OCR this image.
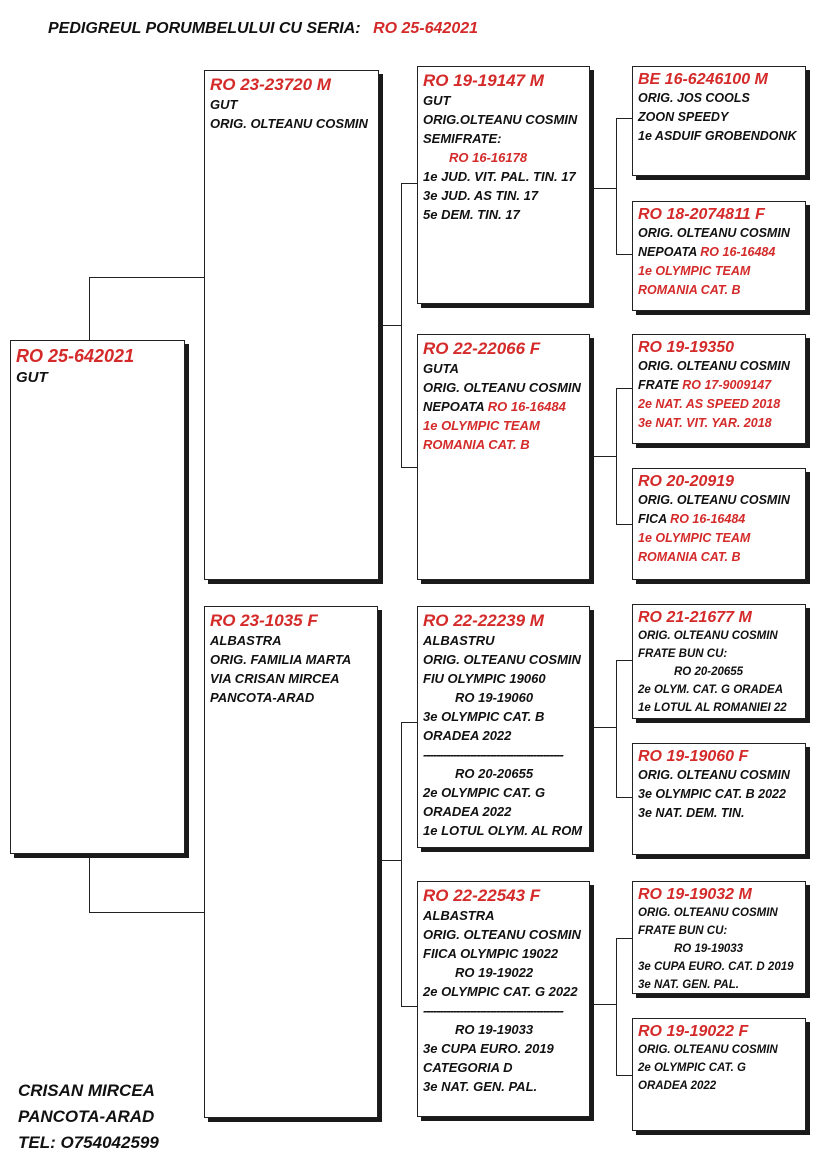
PEDIGREUL PORUMBELULUI CU SERIA: RO 25-642021
RO 25-642021
GUT
RO 23-23720 M
GUT
ORIG. OLTEANU COSMIN
RO 23-1035 F
ALBASTRA
ORIG. FAMILIA MARTA
VIA CRISAN MIRCEA
PANCOTA-ARAD
RO 19-19147 M
GUT
ORIG.OLTEANU COSMIN
SEMIFRATE:
RO 16-16178
1e JUD. VIT. PAL. TIN. 17
3e JUD. AS TIN. 17
5e DEM. TIN. 17
RO 22-22066 F
GUTA
ORIG. OLTEANU COSMIN
NEPOATA RO 16-16484
1e OLYMPIC TEAM
ROMANIA CAT. B
RO 22-22239 M
ALBASTRU
ORIG. OLTEANU COSMIN
FIU OLYMPIC 19060
RO 19-19060
3e OLYMPIC CAT. B
ORADEA 2022
------------------------------------------
RO 20-20655
2e OLYMPIC CAT. G
ORADEA 2022
1e LOTUL OLYM. AL ROM
RO 22-22543 F
ALBASTRA
ORIG. OLTEANU COSMIN
FIICA OLYMPIC 19022
RO 19-19022
2e OLYMPIC CAT. G 2022
------------------------------------------
RO 19-19033
3e CUPA EURO. 2019
CATEGORIA D
3e NAT. GEN. PAL.
BE 16-6246100 M
ORIG. JOS COOLS
ZOON SPEEDY
1e ASDUIF GROBENDONK
RO 18-2074811 F
ORIG. OLTEANU COSMIN
NEPOATA RO 16-16484
1e OLYMPIC TEAM
ROMANIA CAT. B
RO 19-19350
ORIG. OLTEANU COSMIN
FRATE RO 17-9009147
2e NAT. AS SPEED 2018
3e NAT. VIT. YAR. 2018
RO 20-20919
ORIG. OLTEANU COSMIN
FICA RO 16-16484
1e OLYMPIC TEAM
ROMANIA CAT. B
RO 21-21677 M
ORIG. OLTEANU COSMIN
FRATE BUN CU:
RO 20-20655
2e OLYM. CAT. G ORADEA
1e LOTUL AL ROMANIEI 22
RO 19-19060 F
ORIG. OLTEANU COSMIN
3e OLYMPIC CAT. B 2022
3e NAT. DEM. TIN.
RO 19-19032 M
ORIG. OLTEANU COSMIN
FRATE BUN CU:
RO 19-19033
3e CUPA EURO. CAT. D 2019
3e NAT. GEN. PAL.
RO 19-19022 F
ORIG. OLTEANU COSMIN
2e OLYMPIC CAT. G
ORADEA 2022
CRISAN MIRCEA
PANCOTA-ARAD
TEL: O754042599
